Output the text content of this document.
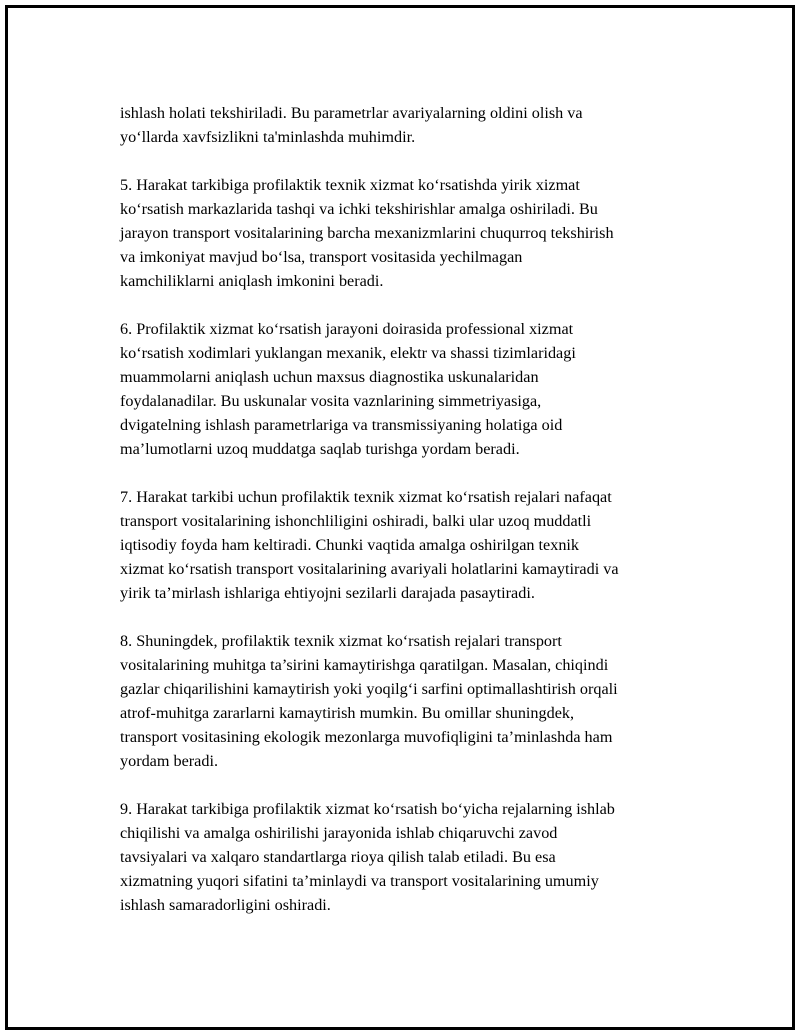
ishlash holati tekshiriladi. Bu parametrlar avariyalarning oldini olish va
yo‘llarda xavfsizlikni ta'minlashda muhimdir.

5. Harakat tarkibiga profilaktik texnik xizmat ko‘rsatishda yirik xizmat
ko‘rsatish markazlarida tashqi va ichki tekshirishlar amalga oshiriladi. Bu
jarayon transport vositalarining barcha mexanizmlarini chuqurroq tekshirish
va imkoniyat mavjud bo‘lsa, transport vositasida yechilmagan
kamchiliklarni aniqlash imkonini beradi.

6. Profilaktik xizmat ko‘rsatish jarayoni doirasida professional xizmat
ko‘rsatish xodimlari yuklangan mexanik, elektr va shassi tizimlaridagi
muammolarni aniqlash uchun maxsus diagnostika uskunalaridan
foydalanadilar. Bu uskunalar vosita vaznlarining simmetriyasiga,
dvigatelning ishlash parametrlariga va transmissiyaning holatiga oid
ma’lumotlarni uzoq muddatga saqlab turishga yordam beradi.

7. Harakat tarkibi uchun profilaktik texnik xizmat ko‘rsatish rejalari nafaqat
transport vositalarining ishonchliligini oshiradi, balki ular uzoq muddatli
iqtisodiy foyda ham keltiradi. Chunki vaqtida amalga oshirilgan texnik
xizmat ko‘rsatish transport vositalarining avariyali holatlarini kamaytiradi va
yirik ta’mirlash ishlariga ehtiyojni sezilarli darajada pasaytiradi.

8. Shuningdek, profilaktik texnik xizmat ko‘rsatish rejalari transport
vositalarining muhitga ta’sirini kamaytirishga qaratilgan. Masalan, chiqindi
gazlar chiqarilishini kamaytirish yoki yoqilg‘i sarfini optimallashtirish orqali
atrof-muhitga zararlarni kamaytirish mumkin. Bu omillar shuningdek,
transport vositasining ekologik mezonlarga muvofiqligini ta’minlashda ham
yordam beradi.

9. Harakat tarkibiga profilaktik xizmat ko‘rsatish bo‘yicha rejalarning ishlab
chiqilishi va amalga oshirilishi jarayonida ishlab chiqaruvchi zavod
tavsiyalari va xalqaro standartlarga rioya qilish talab etiladi. Bu esa
xizmatning yuqori sifatini ta’minlaydi va transport vositalarining umumiy
ishlash samaradorligini oshiradi.
